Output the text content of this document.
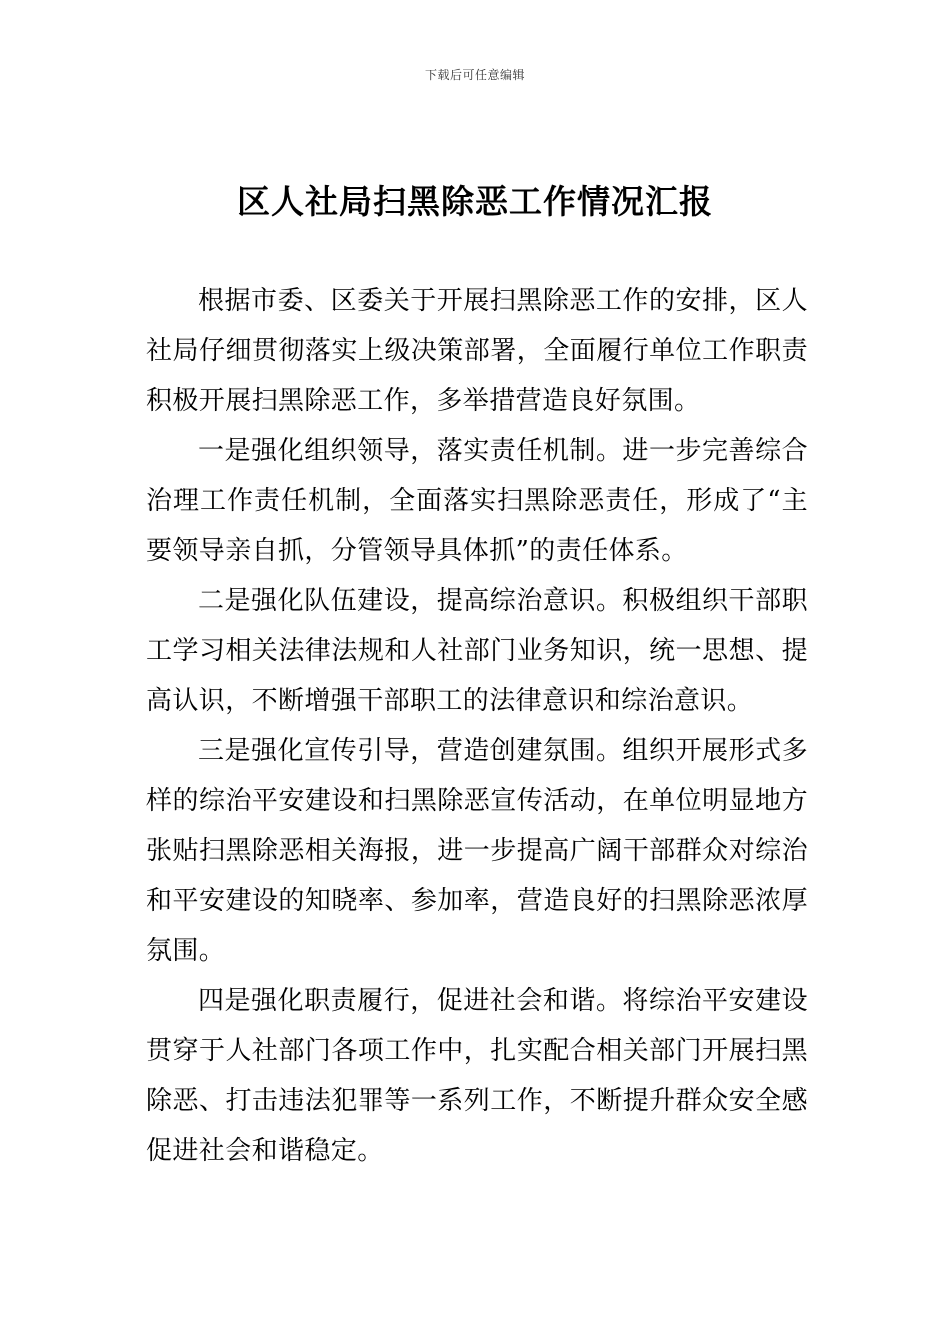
下载后可任意编辑
区人社局扫黑除恶工作情况汇报

根据市委、区委关于开展扫黑除恶工作的安排，区人社局仔细贯彻落实上级决策部署，全面履行单位工作职责积极开展扫黑除恶工作，多举措营造良好氛围。

一是强化组织领导，落实责任机制。进一步完善综合治理工作责任机制，全面落实扫黑除恶责任，形成了“主要领导亲自抓，分管领导具体抓”的责任体系。

二是强化队伍建设，提高综治意识。积极组织干部职工学习相关法律法规和人社部门业务知识，统一思想、提高认识，不断增强干部职工的法律意识和综治意识。

三是强化宣传引导，营造创建氛围。组织开展形式多样的综治平安建设和扫黑除恶宣传活动，在单位明显地方张贴扫黑除恶相关海报，进一步提高广阔干部群众对综治和平安建设的知晓率、参加率，营造良好的扫黑除恶浓厚氛围。

四是强化职责履行，促进社会和谐。将综治平安建设贯穿于人社部门各项工作中，扎实配合相关部门开展扫黑除恶、打击违法犯罪等一系列工作，不断提升群众安全感促进社会和谐稳定。
